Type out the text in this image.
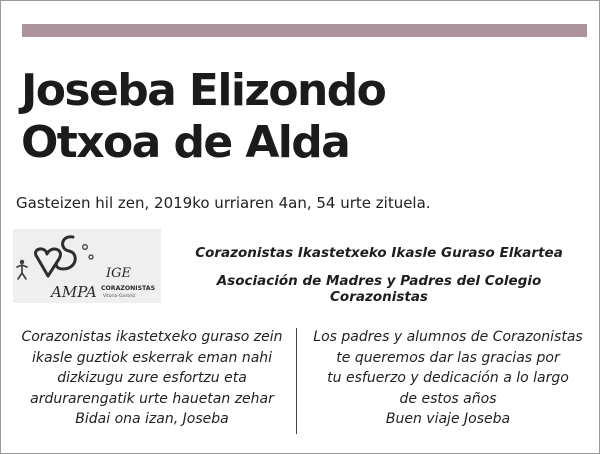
Joseba Elizondo
Otxoa de Alda
Gasteizen hil zen, 2019ko urriaren 4an, 54 urte zituela.
IGE
AMPA CORAZONISTAS
Vitoria-Gasteiz
Corazonistas Ikastetxeko Ikasle Guraso Elkartea
Asociación de Madres y Padres del Colegio Corazonistas
Corazonistas ikastetxeko guraso zein
ikasle guztiok eskerrak eman nahi
dizkizugu zure esfortzu eta
ardurarengatik urte hauetan zehar
Bidai ona izan, Joseba
Los padres y alumnos de Corazonistas
te queremos dar las gracias por
tu esfuerzo y dedicación a lo largo
de estos años
Buen viaje Joseba
